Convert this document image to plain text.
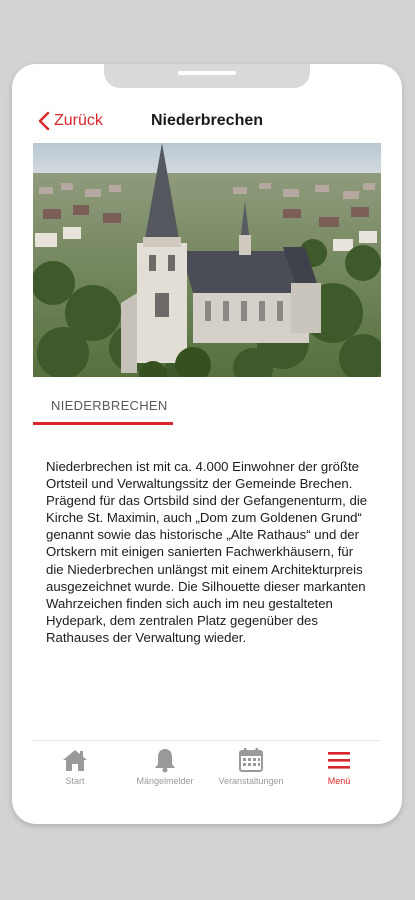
Zurück	Niederbrechen
NIEDERBRECHEN

Niederbrechen ist mit ca. 4.000 Einwohner der größte Ortsteil und Verwaltungssitz der Gemeinde Brechen. Prägend für das Ortsbild sind der Gefangenenturm, die Kirche St. Maximin, auch „Dom zum Goldenen Grund“ genannt sowie das historische „Alte Rathaus“ und der Ortskern mit einigen sanierten Fachwerkhäusern, für die Niederbrechen unlängst mit einem Architekturpreis ausgezeichnet wurde. Die Silhouette dieser markanten Wahrzeichen finden sich auch im neu gestalteten Hydepark, dem zentralen Platz gegenüber des Rathauses der Verwaltung wieder.

Start	Mängelmelder	Veranstaltungen	Menü
